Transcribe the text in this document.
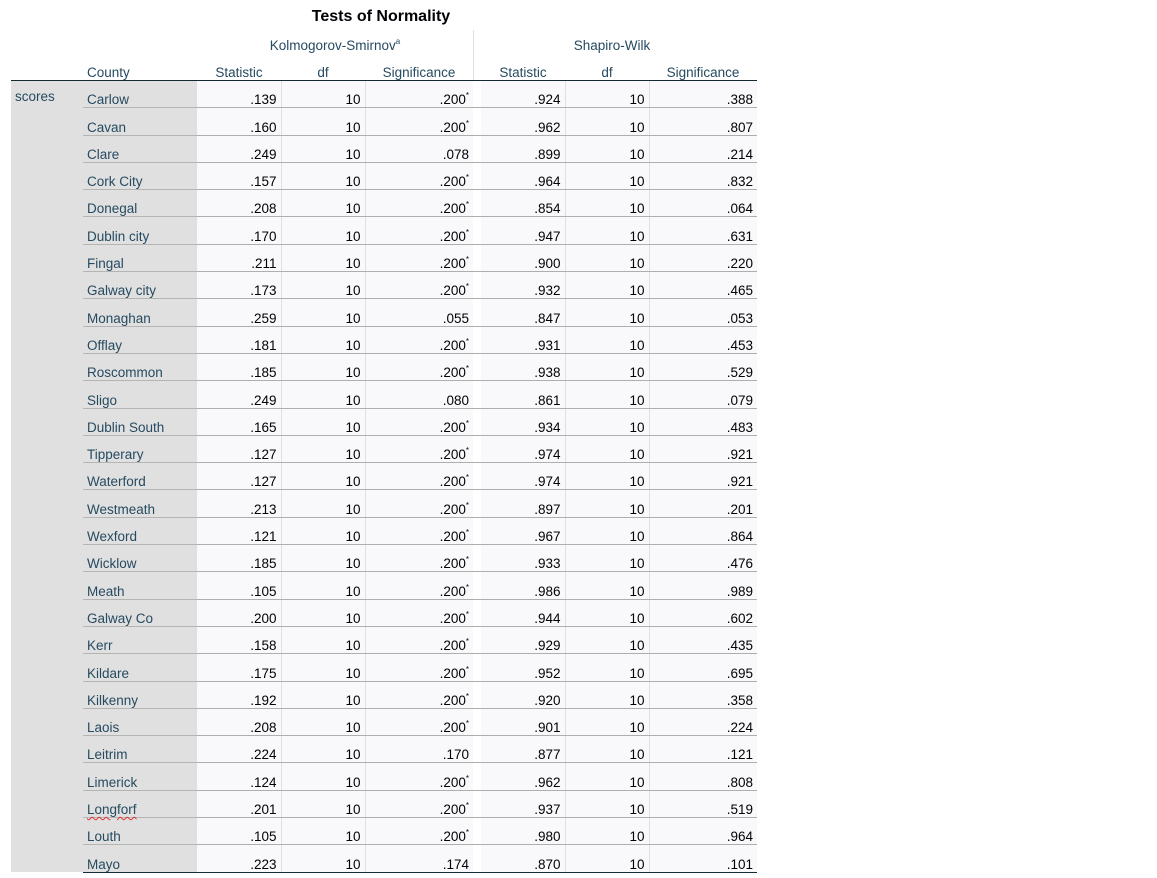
Tests of Normality
Kolmogorov-Smirnov$^a$	Shapiro-Wilk
	County	Statistic	df	Significance		Statistic	df	Significance
scores	Carlow	.139	10	.200*		.924	10	.388
	Cavan	.160	10	.200*		.962	10	.807
	Clare	.249	10	.078		.899	10	.214
	Cork City	.157	10	.200*		.964	10	.832
	Donegal	.208	10	.200*		.854	10	.064
	Dublin city	.170	10	.200*		.947	10	.631
	Fingal	.211	10	.200*		.900	10	.220
	Galway city	.173	10	.200*		.932	10	.465
	Monaghan	.259	10	.055		.847	10	.053
	Offlay	.181	10	.200*		.931	10	.453
	Roscommon	.185	10	.200*		.938	10	.529
	Sligo	.249	10	.080		.861	10	.079
	Dublin South	.165	10	.200*		.934	10	.483
	Tipperary	.127	10	.200*		.974	10	.921
	Waterford	.127	10	.200*		.974	10	.921
	Westmeath	.213	10	.200*		.897	10	.201
	Wexford	.121	10	.200*		.967	10	.864
	Wicklow	.185	10	.200*		.933	10	.476
	Meath	.105	10	.200*		.986	10	.989
	Galway Co	.200	10	.200*		.944	10	.602
	Kerr	.158	10	.200*		.929	10	.435
	Kildare	.175	10	.200*		.952	10	.695
	Kilkenny	.192	10	.200*		.920	10	.358
	Laois	.208	10	.200*		.901	10	.224
	Leitrim	.224	10	.170		.877	10	.121
	Limerick	.124	10	.200*		.962	10	.808
	Longforf	.201	10	.200*		.937	10	.519
	Louth	.105	10	.200*		.980	10	.964
	Mayo	.223	10	.174		.870	10	.101
